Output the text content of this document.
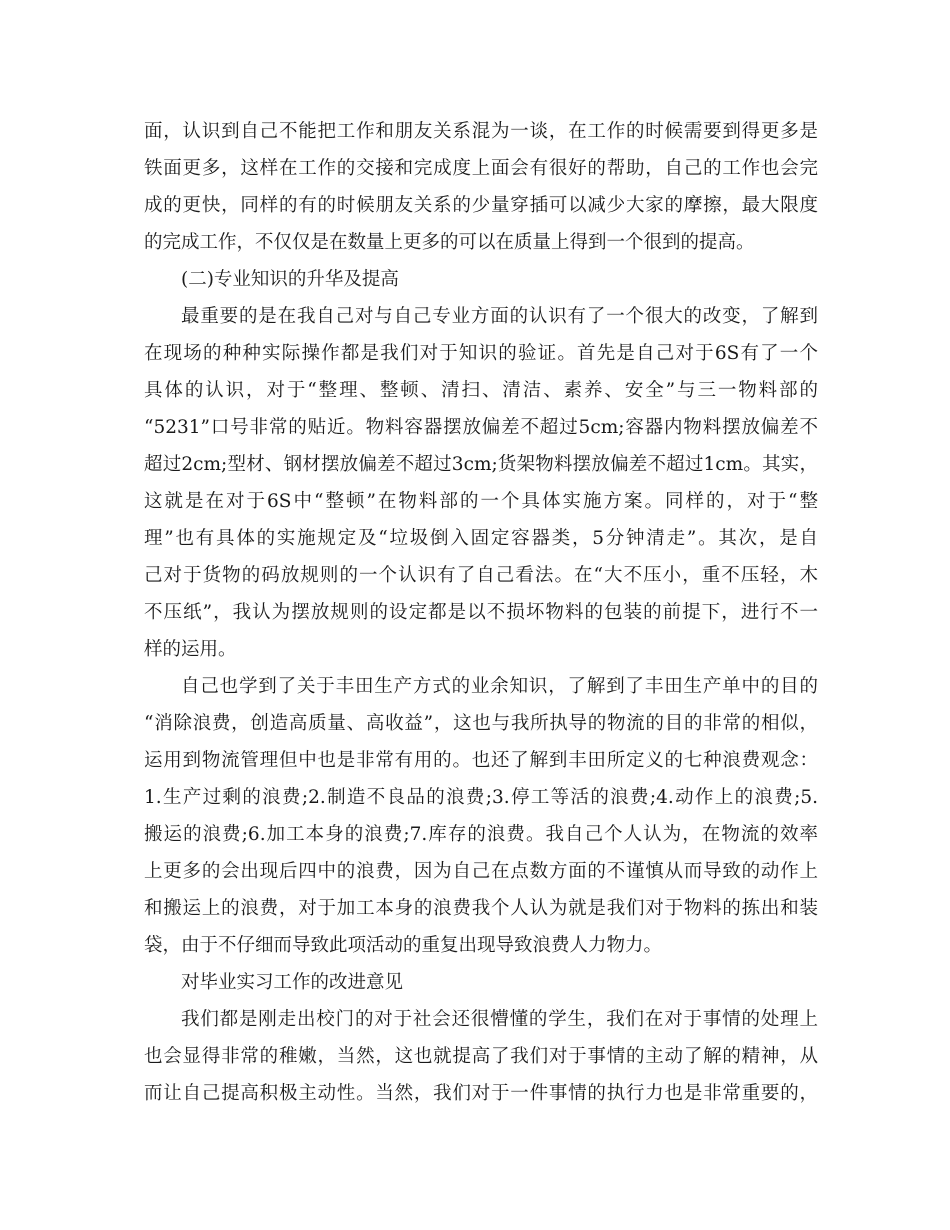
面，认识到自己不能把工作和朋友关系混为一谈，在工作的时候需要到得更多是
铁面更多，这样在工作的交接和完成度上面会有很好的帮助，自己的工作也会完
成的更快，同样的有的时候朋友关系的少量穿插可以减少大家的摩擦，最大限度
的完成工作，不仅仅是在数量上更多的可以在质量上得到一个很到的提高。
(二)专业知识的升华及提高
最重要的是在我自己对与自己专业方面的认识有了一个很大的改变，了解到
在现场的种种实际操作都是我们对于知识的验证。首先是自己对于6S有了一个
具体的认识，对于“整理、整顿、清扫、清洁、素养、安全”与三一物料部的
“5231”口号非常的贴近。物料容器摆放偏差不超过5cm;容器内物料摆放偏差不
超过2cm;型材、钢材摆放偏差不超过3cm;货架物料摆放偏差不超过1cm。其实，
这就是在对于6S中“整顿”在物料部的一个具体实施方案。同样的，对于“整
理”也有具体的实施规定及“垃圾倒入固定容器类，5分钟清走”。其次，是自
己对于货物的码放规则的一个认识有了自己看法。在“大不压小，重不压轻，木
不压纸”，我认为摆放规则的设定都是以不损坏物料的包装的前提下，进行不一
样的运用。
自己也学到了关于丰田生产方式的业余知识，了解到了丰田生产单中的目的
“消除浪费，创造高质量、高收益”，这也与我所执导的物流的目的非常的相似，
运用到物流管理但中也是非常有用的。也还了解到丰田所定义的七种浪费观念：
1.生产过剩的浪费;2.制造不良品的浪费;3.停工等活的浪费;4.动作上的浪费;5.
搬运的浪费;6.加工本身的浪费;7.库存的浪费。我自己个人认为，在物流的效率
上更多的会出现后四中的浪费，因为自己在点数方面的不谨慎从而导致的动作上
和搬运上的浪费，对于加工本身的浪费我个人认为就是我们对于物料的拣出和装
袋，由于不仔细而导致此项活动的重复出现导致浪费人力物力。
对毕业实习工作的改进意见
我们都是刚走出校门的对于社会还很懵懂的学生，我们在对于事情的处理上
也会显得非常的稚嫩，当然，这也就提高了我们对于事情的主动了解的精神，从
而让自己提高积极主动性。当然，我们对于一件事情的执行力也是非常重要的，
